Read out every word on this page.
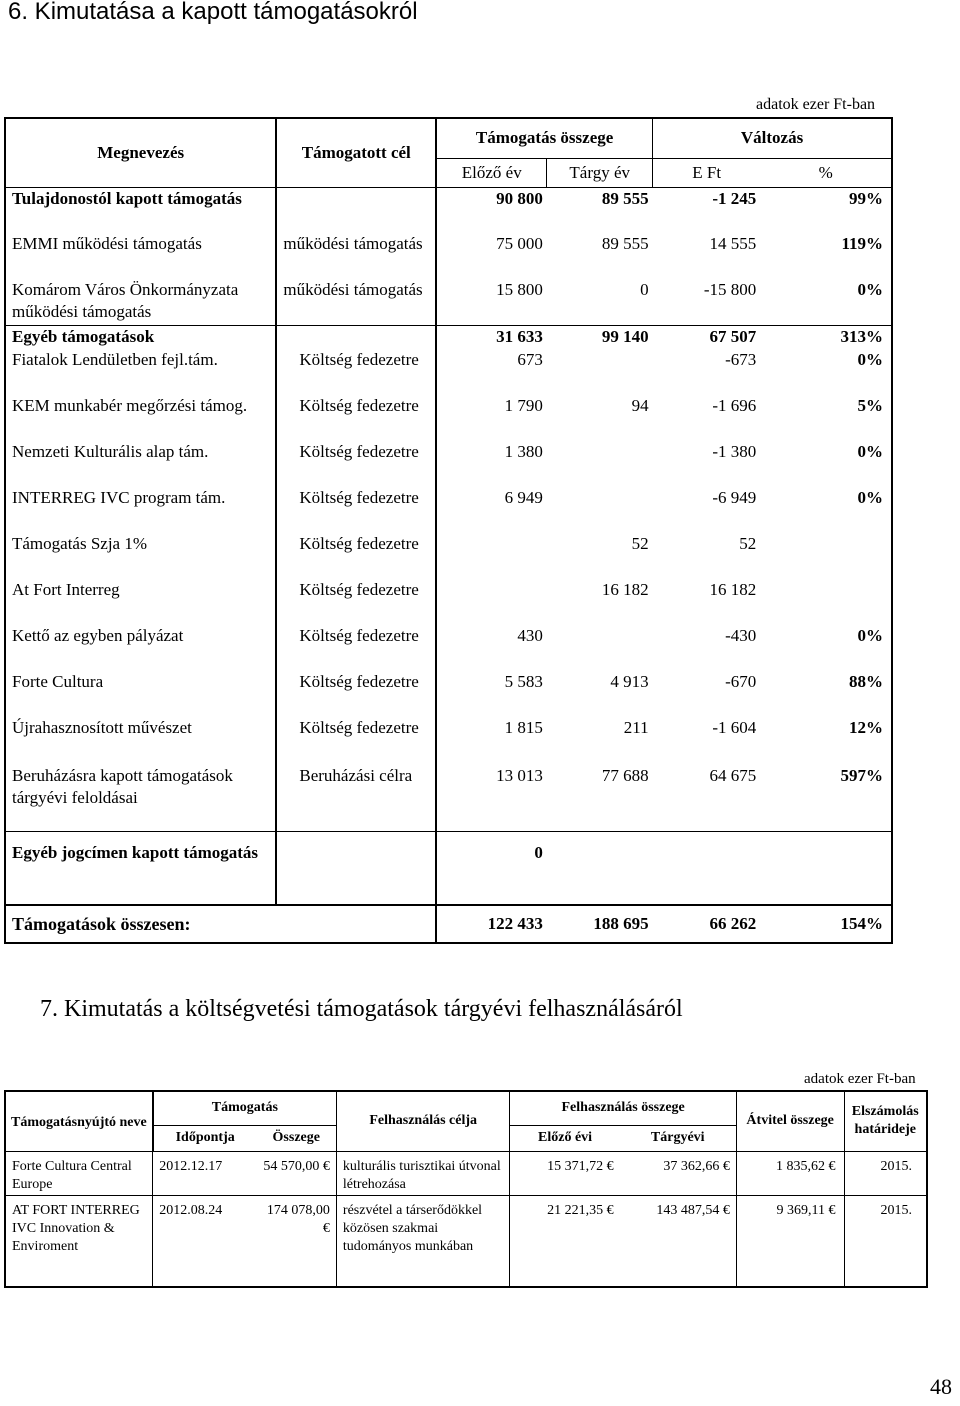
6. Kimutatása a kapott támogatásokról
adatok ezer Ft-ban
Megnevezés	Támogatott cél	Támogatás összege		Változás	
		Előző év	Tárgy év	E Ft	%
Tulajdonostól kapott támogatás		90 800	89 555	-1 245	99%
EMMI működési támogatás	működési támogatás	75 000	89 555	14 555	119%
Komárom Város Önkormányzata működési támogatás	működési támogatás	15 800	0	-15 800	0%
Egyéb támogatások		31 633	99 140	67 507	313%
Fiatalok Lendületben fejl.tám.	Költség fedezetre	673		-673	0%
KEM munkabér megőrzési támog.	Költség fedezetre	1 790	94	-1 696	5%
Nemzeti Kulturális alap tám.	Költség fedezetre	1 380		-1 380	0%
INTERREG IVC program tám.	Költség fedezetre	6 949		-6 949	0%
Támogatás Szja 1%	Költség fedezetre		52	52	
At Fort Interreg	Költség fedezetre		16 182	16 182	
Kettő az egyben pályázat	Költség fedezetre	430		-430	0%
Forte Cultura	Költség fedezetre	5 583	4 913	-670	88%
Újrahasznosított művészet	Költség fedezetre	1 815	211	-1 604	12%
Beruházásra kapott támogatások tárgyévi feloldásai	Beruházási célra	13 013	77 688	64 675	597%
Egyéb jogcímen kapott támogatás		0			
Támogatások összesen:		122 433	188 695	66 262	154%
7. Kimutatás a költségvetési támogatások tárgyévi felhasználásáról
adatok ezer Ft-ban
Támogatásnyújtó neve	Támogatás		Felhasználás célja	Felhasználás összege		Átvitel összege	Elszámolás határideje
	Időpontja	Összege		Előző évi	Tárgyévi		
Forte Cultura Central Europe	2012.12.17	54 570,00 €	kulturális turisztikai útvonal létrehozása	15 371,72 €	37 362,66 €	1 835,62 €	2015.
AT FORT INTERREG IVC Innovation & Enviroment	2012.08.24	174 078,00 €	részvétel a társerődökkel közösen szakmai tudományos munkában	21 221,35 €	143 487,54 €	9 369,11 €	2015.
48
